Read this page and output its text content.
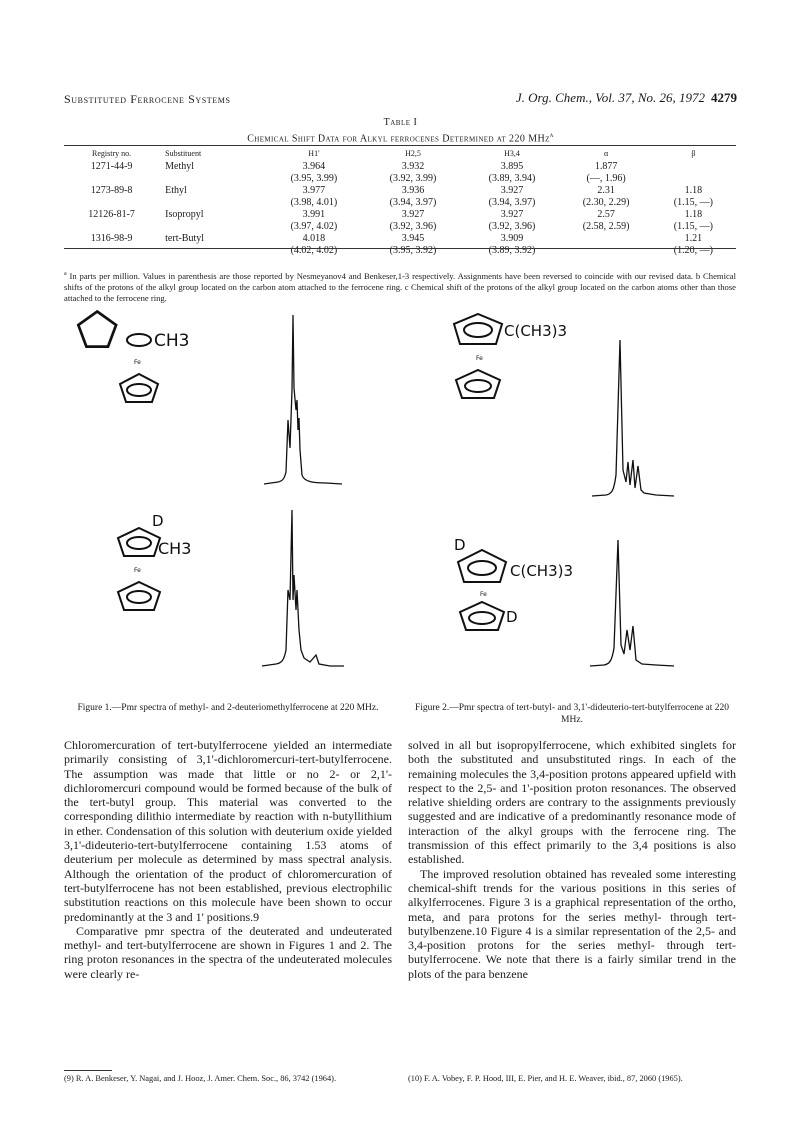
Substituted Ferrocene Systems	J. Org. Chem., Vol. 37, No. 26, 1972 4279
Table I
Chemical Shift Data for Alkyl ferrocenes Determined at 220 MHz$^a$
Registry no.	Substituent	H1'	H2,5	H3,4	α	β
1271-44-9	Methyl	3.964	3.932	3.895	1.877	
		(3.95, 3.99)	(3.92, 3.99)	(3.89, 3.94)	(—, 1.96)	
1273-89-8	Ethyl	3.977	3.936	3.927	2.31	1.18
		(3.98, 4.01)	(3.94, 3.97)	(3.94, 3.97)	(2.30, 2.29)	(1.15, —)
12126-81-7	Isopropyl	3.991	3.927	3.927	2.57	1.18
		(3.97, 4.02)	(3.92, 3.96)	(3.92, 3.96)	(2.58, 2.59)	(1.15, —)
1316-98-9	tert-Butyl	4.018	3.945	3.909		1.21
		(4.02, 4.02)	(3.95, 3.92)	(3.89, 3.92)		(1.20, —)
$^a$ In parts per million. Values in parenthesis are those reported by Nesmeyanov4 and Benkeser,1-3 respectively. Assignments have been reversed to coincide with our revised data. b Chemical shifts of the protons of the alkyl group located on the carbon atom attached to the ferrocene ring. c Chemical shift of the protons of the alkyl group located on the carbon atoms other than those attached to the ferrocene ring.
CH3
Fe
D
CH3
Fe
C(CH3)3
Fe
D
C(CH3)3
Fe
D
Figure 1.—Pmr spectra of methyl- and 2-deuteriomethylferrocene at 220 MHz.	Figure 2.—Pmr spectra of tert-butyl- and 3,1'-dideuterio-tert-butylferrocene at 220 MHz.

Chloromercuration of tert-butylferrocene yielded an intermediate primarily consisting of 3,1'-dichloromercuri-tert-butylferrocene. The assumption was made that little or no 2- or 2,1'-dichloromercuri compound would be formed because of the bulk of the tert-butyl group. This material was converted to the corresponding dilithio intermediate by reaction with n-butyllithium in ether. Condensation of this solution with deuterium oxide yielded 3,1'-dideuterio-tert-butylferrocene containing 1.53 atoms of deuterium per molecule as determined by mass spectral analysis. Although the orientation of the product of chloromercuration of tert-butylferrocene has not been established, previous electrophilic substitution reactions on this molecule have been shown to occur predominantly at the 3 and 1' positions.9

Comparative pmr spectra of the deuterated and undeuterated methyl- and tert-butylferrocene are shown in Figures 1 and 2. The ring proton resonances in the spectra of the undeuterated molecules were clearly re-

solved in all but isopropylferrocene, which exhibited singlets for both the substituted and unsubstituted rings. In each of the remaining molecules the 3,4-position protons appeared upfield with respect to the 2,5- and 1'-position proton resonances. The observed relative shielding orders are contrary to the assignments previously suggested and are indicative of a predominantly resonance mode of interaction of the alkyl groups with the ferrocene ring. The transmission of this effect primarily to the 3,4 positions is also established.

The improved resolution obtained has revealed some interesting chemical-shift trends for the various positions in this series of alkylferrocenes. Figure 3 is a graphical representation of the ortho, meta, and para protons for the series methyl- through tert-butylbenzene.10 Figure 4 is a similar representation of the 2,5- and 3,4-position protons for the series methyl- through tert-butylferrocene. We note that there is a fairly similar trend in the plots of the para benzene

(9) R. A. Benkeser, Y. Nagai, and J. Hooz, J. Amer. Chem. Soc., 86, 3742 (1964).	(10) F. A. Vobey, F. P. Hood, III, E. Pier, and H. E. Weaver, ibid., 87, 2060 (1965).
